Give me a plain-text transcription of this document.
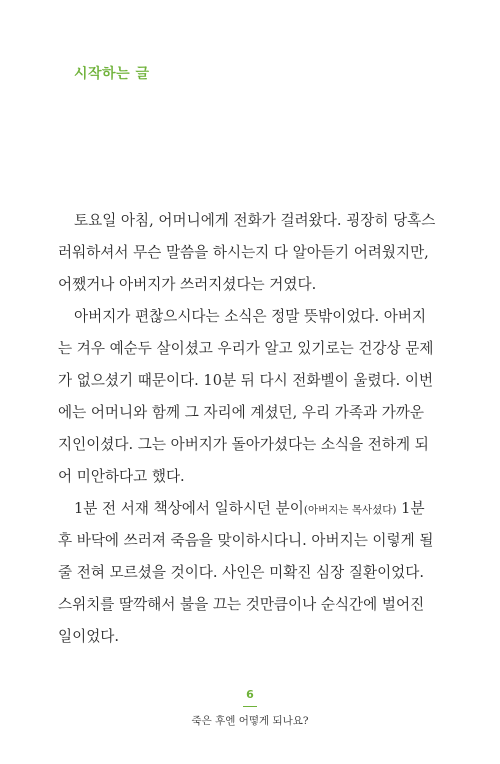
시작하는 글
토요일 아침, 어머니에게 전화가 걸려왔다. 굉장히 당혹스
러워하셔서 무슨 말씀을 하시는지 다 알아듣기 어려웠지만,
어쨌거나 아버지가 쓰러지셨다는 거였다.
아버지가 편찮으시다는 소식은 정말 뜻밖이었다. 아버지
는 겨우 예순두 살이셨고 우리가 알고 있기로는 건강상 문제
가 없으셨기 때문이다. 10분 뒤 다시 전화벨이 울렸다. 이번
에는 어머니와 함께 그 자리에 계셨던, 우리 가족과 가까운
지인이셨다. 그는 아버지가 돌아가셨다는 소식을 전하게 되
어 미안하다고 했다.
1분 전 서재 책상에서 일하시던 분이(아버지는 목사셨다) 1분
후 바닥에 쓰러져 죽음을 맞이하시다니. 아버지는 이렇게 될
줄 전혀 모르셨을 것이다. 사인은 미확진 심장 질환이었다.
스위치를 딸깍해서 불을 끄는 것만큼이나 순식간에 벌어진
일이었다.
6
죽은 후엔 어떻게 되나요?
